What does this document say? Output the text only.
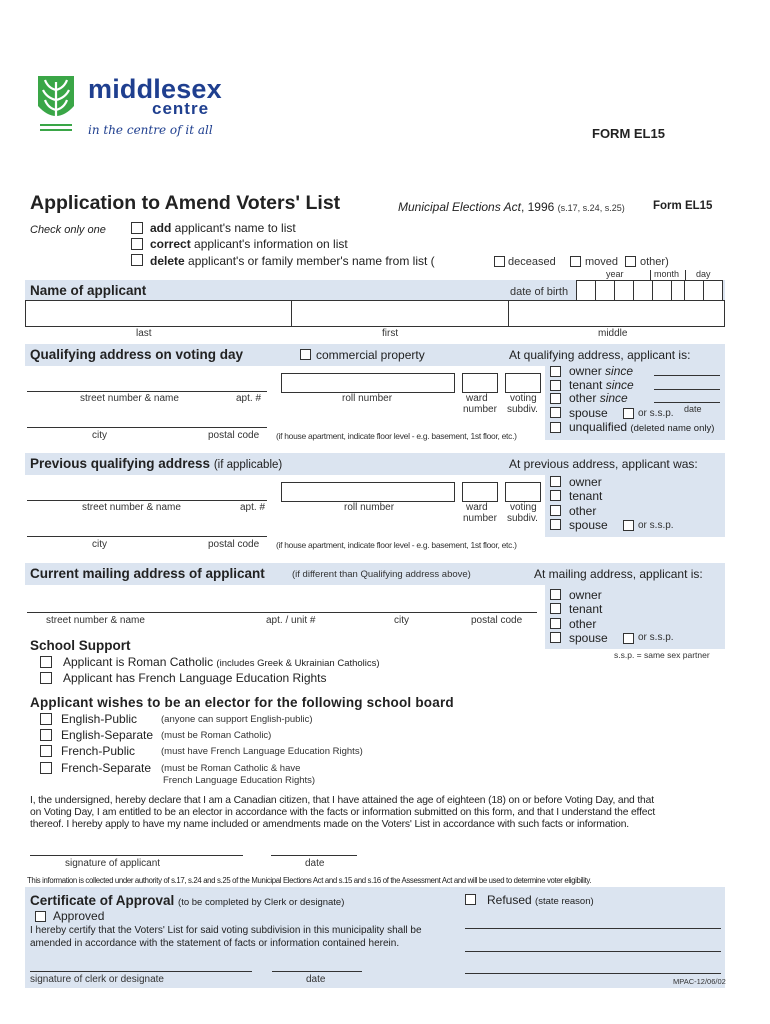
middlesex
centre
in the centre of it all	FORM EL15
Application to Amend Voters' List	Municipal Elections Act, 1996 (s.17, s.24, s.25) Form EL15
Check only one	add applicant's name to list
correct applicant's information on list
delete applicant's or family member's name from list (	deceased	moved other)
year	month day
Name of applicant	date of birth
last	first	middle
Qualifying address on voting day	commercial property	At qualifying address, applicant is:
street number & name	apt. #	roll number	ward voting
number subdiv.
city	postal code (if house apartment, indicate floor level - e.g. basement, 1st floor, etc.)
owner since
tenant since
other since
spouse	or s.s.p. date
unqualified (deleted name only)
Previous qualifying address (if applicable)	At previous address, applicant was:
street number & name	apt. #	roll number	ward voting
number subdiv.
city	postal code (if house apartment, indicate floor level - e.g. basement, 1st floor, etc.)
owner
tenant
other
spouse	or s.s.p.
Current mailing address of applicant	(if different than Qualifying address above)	At mailing address, applicant is:
street number & name	apt. / unit #	city	postal code
owner
tenant
other
spouse	or s.s.p.
s.s.p. = same sex partner
School Support
Applicant is Roman Catholic (includes Greek & Ukrainian Catholics)
Applicant has French Language Education Rights
Applicant wishes to be an elector for the following school board
English-Public	(anyone can support English-public)
English-Separate (must be Roman Catholic)
French-Public	(must have French Language Education Rights)
French-Separate (must be Roman Catholic & have
French Language Education Rights)
I, the undersigned, hereby declare that I am a Canadian citizen, that I have attained the age of eighteen (18) on or before Voting Day, and that
on Voting Day, I am entitled to be an elector in accordance with the facts or information submitted on this form, and that I understand the effect
thereof. I hereby apply to have my name included or amendments made on the Voters' List in accordance with such facts or information.
signature of applicant	date
This information is collected under authority of s.17, s.24 and s.25 of the Municipal Elections Act and s.15 and s.16 of the Assessment Act and will be used to determine voter eligibility.
Certificate of Approval (to be completed by Clerk or designate)
Approved
Refused (state reason)
I hereby certify that the Voters' List for said voting subdivision in this municipality shall be
amended in accordance with the statement of facts or information contained herein.
signature of clerk or designate	date	MPAC-12/06/02
